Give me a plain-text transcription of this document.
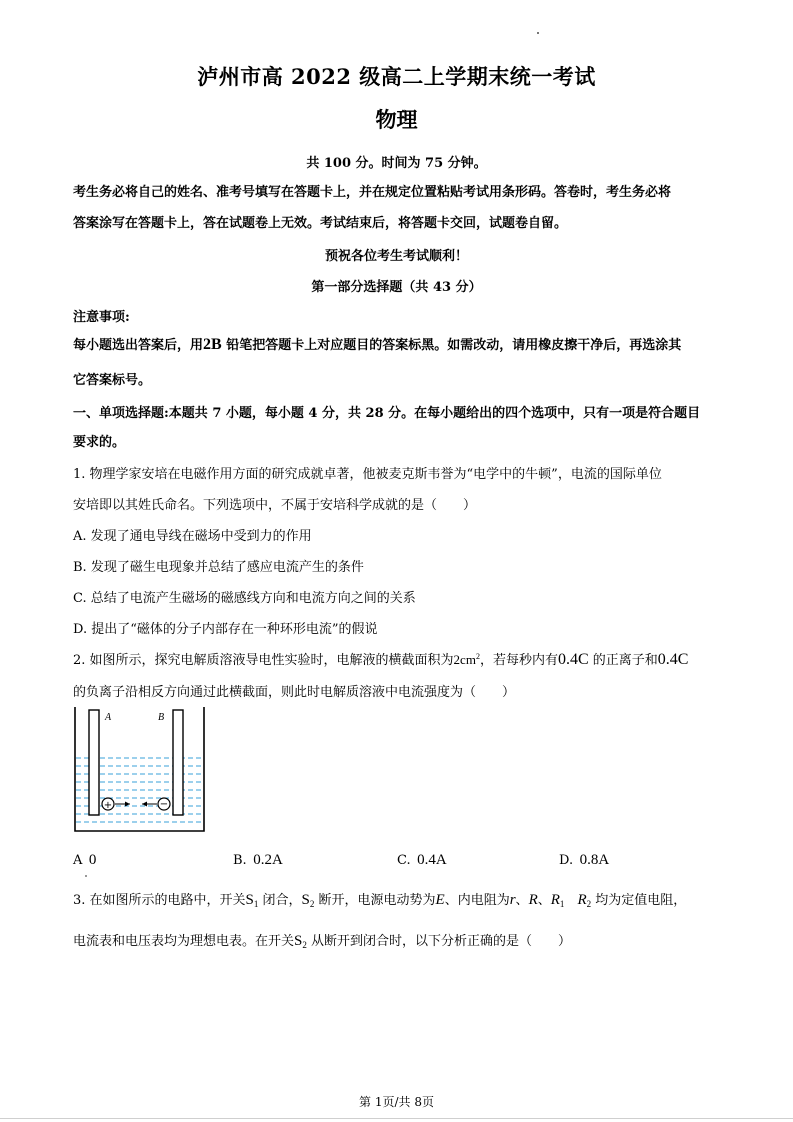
泸州市高 2022 级高二上学期末统一考试
物理
共 100 分。时间为 75 分钟。
考生务必将自己的姓名、准考号填写在答题卡上，并在规定位置粘贴考试用条形码。答卷时，考生务必将
答案涂写在答题卡上，答在试题卷上无效。考试结束后，将答题卡交回，试题卷自留。
预祝各位考生考试顺利！
第一部分选择题（共 43 分）
注意事项:
每小题选出答案后，用2B 铅笔把答题卡上对应题目的答案标黑。如需改动，请用橡皮擦干净后，再选涂其
它答案标号。
一、单项选择题:本题共 7 小题，每小题 4 分，共 28 分。在每小题给出的四个选项中，只有一项是符合题目
要求的。
1. 物理学家安培在电磁作用方面的研究成就卓著，他被麦克斯韦誉为“电学中的牛顿”，电流的国际单位
安培即以其姓氏命名。下列选项中，不属于安培科学成就的是（　　）
A. 发现了通电导线在磁场中受到力的作用
B. 发现了磁生电现象并总结了感应电流产生的条件
C. 总结了电流产生磁场的磁感线方向和电流方向之间的关系
D. 提出了“磁体的分子内部存在一种环形电流”的假说
2. 如图所示，探究电解质溶液导电性实验时，电解液的横截面积为$2cm^2$，若每秒内有0.4C 的正离子和0.4C
的负离子沿相反方向通过此横截面，则此时电解质溶液中电流强度为（　　）
A	B
+	−
A  0	B.  0.2A	C.  0.4A	D.  0.8A
3. 在如图所示的电路中，开关$S_1$ 闭合，$S_2$ 断开，电源电动势为E、内电阻为r、R、$R_1$　 $R_2$ 均为定值电阻，
电流表和电压表均为理想电表。在开关$S_2$ 从断开到闭合时，以下分析正确的是（　　）
第 1页/共 8页
